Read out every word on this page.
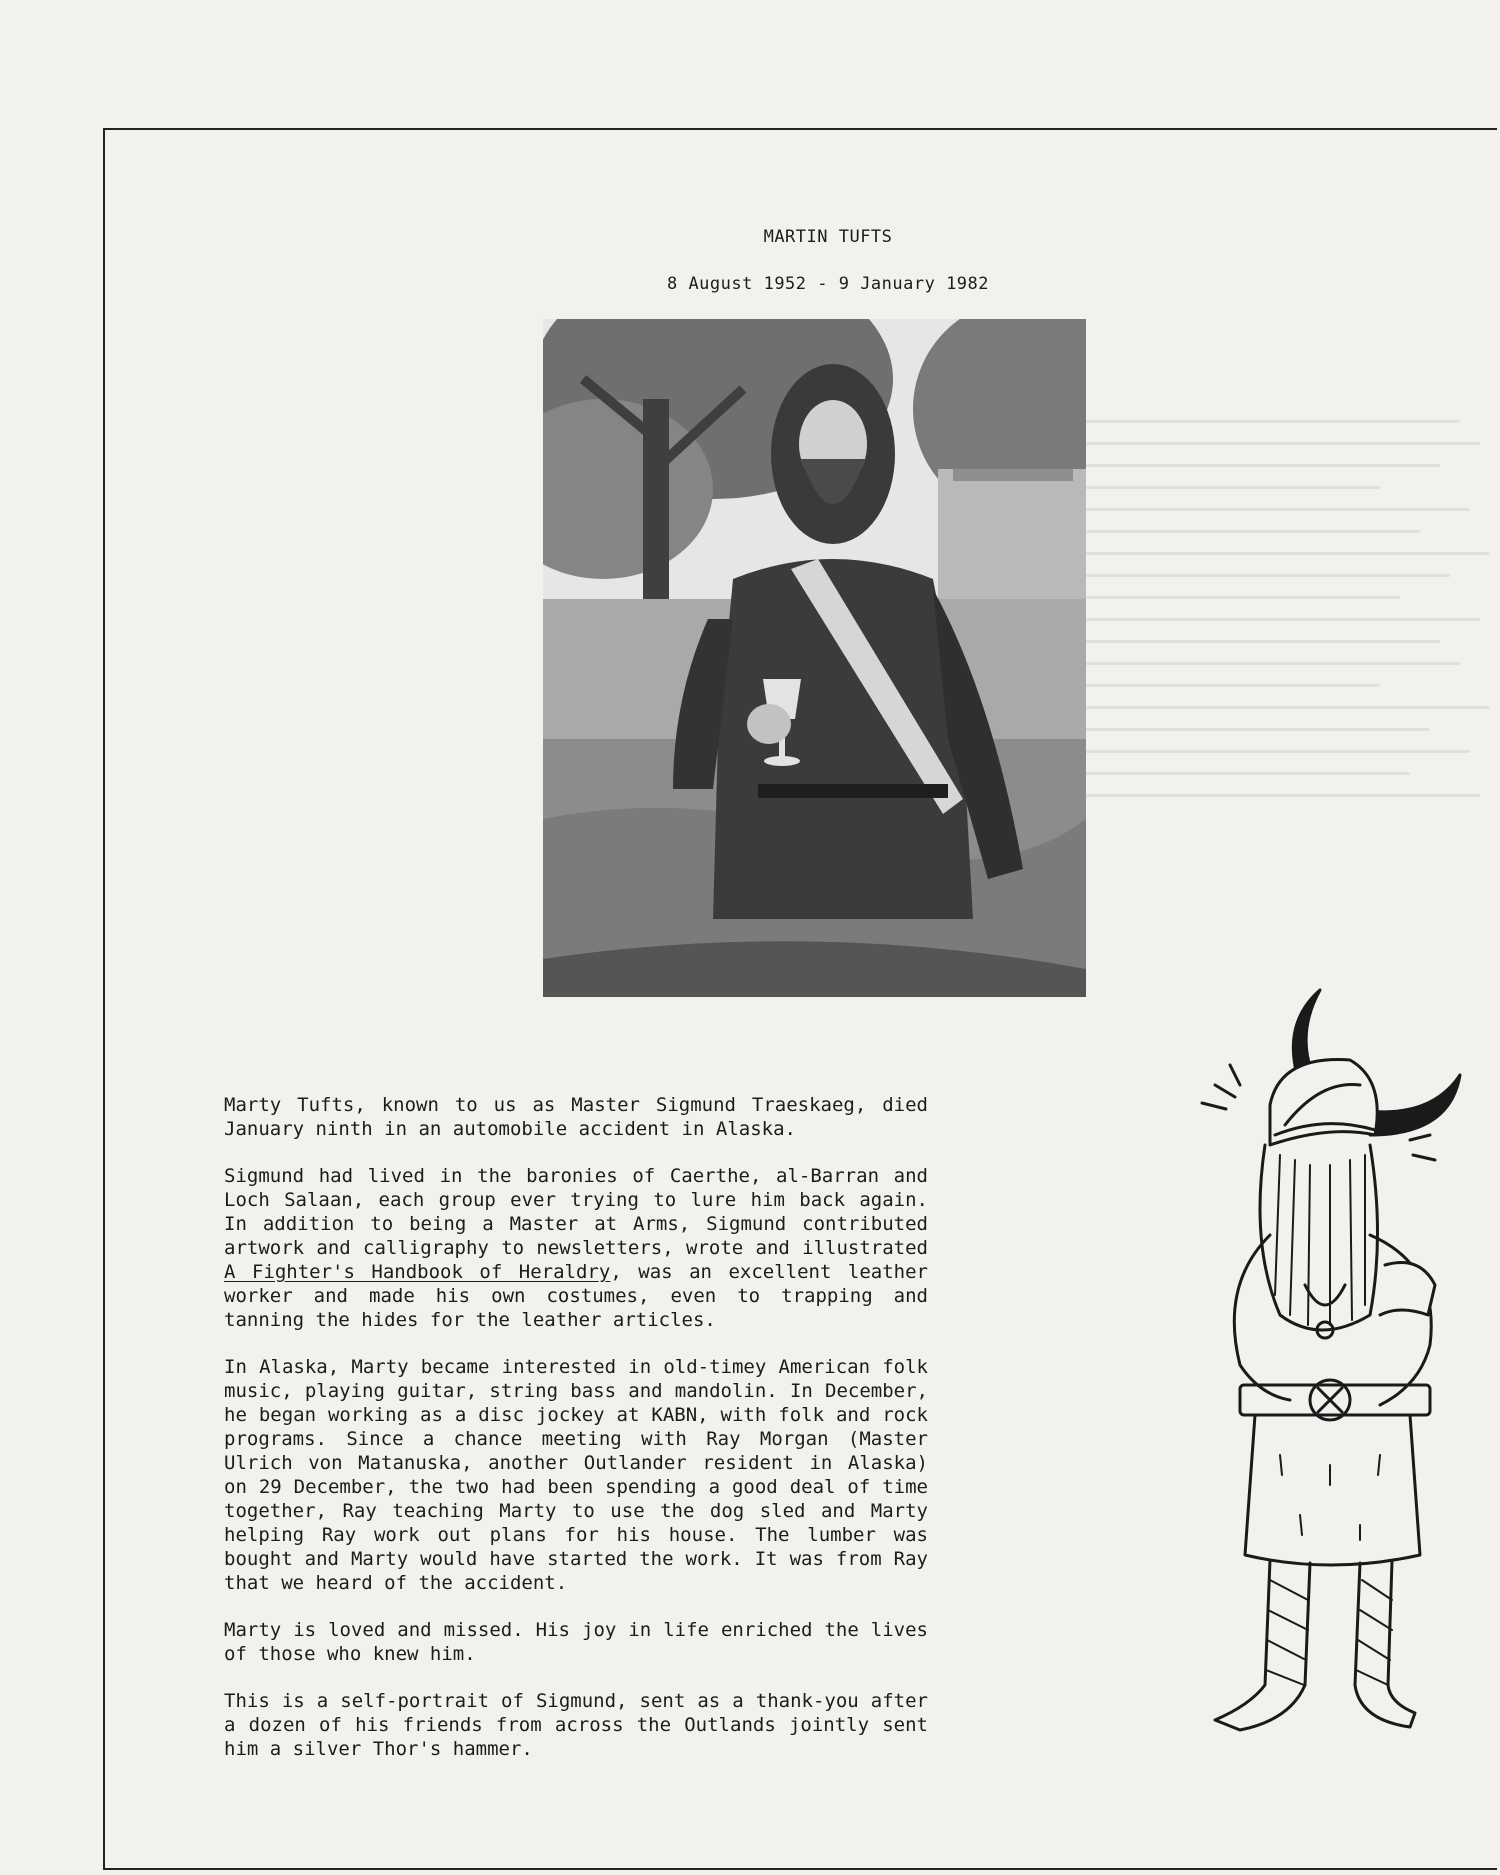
​
MARTIN TUFTS
8 August 1952 - 9 January 1982

Marty Tufts, known to us as Master Sigmund Traeskaeg, died January ninth in an automobile accident in Alaska.

Sigmund had lived in the baronies of Caerthe, al-Barran and Loch Salaan, each group ever trying to lure him back again. In addition to being a Master at Arms, Sigmund contributed artwork and calligraphy to newsletters, wrote and illustrated A Fighter's Handbook of Heraldry, was an excellent leather worker and made his own costumes, even to trapping and tanning the hides for the leather articles.

In Alaska, Marty became interested in old-timey American folk music, playing guitar, string bass and mandolin. In December, he began working as a disc jockey at KABN, with folk and rock programs. Since a chance meeting with Ray Morgan (Master Ulrich von Matanuska, another Outlander resident in Alaska) on 29 December, the two had been spending a good deal of time together, Ray teaching Marty to use the dog sled and Marty helping Ray work out plans for his house. The lumber was bought and Marty would have started the work. It was from Ray that we heard of the accident.

Marty is loved and missed. His joy in life enriched the lives of those who knew him.

This is a self-portrait of Sigmund, sent as a thank-you after a dozen of his friends from across the Outlands jointly sent him a silver Thor's hammer.
